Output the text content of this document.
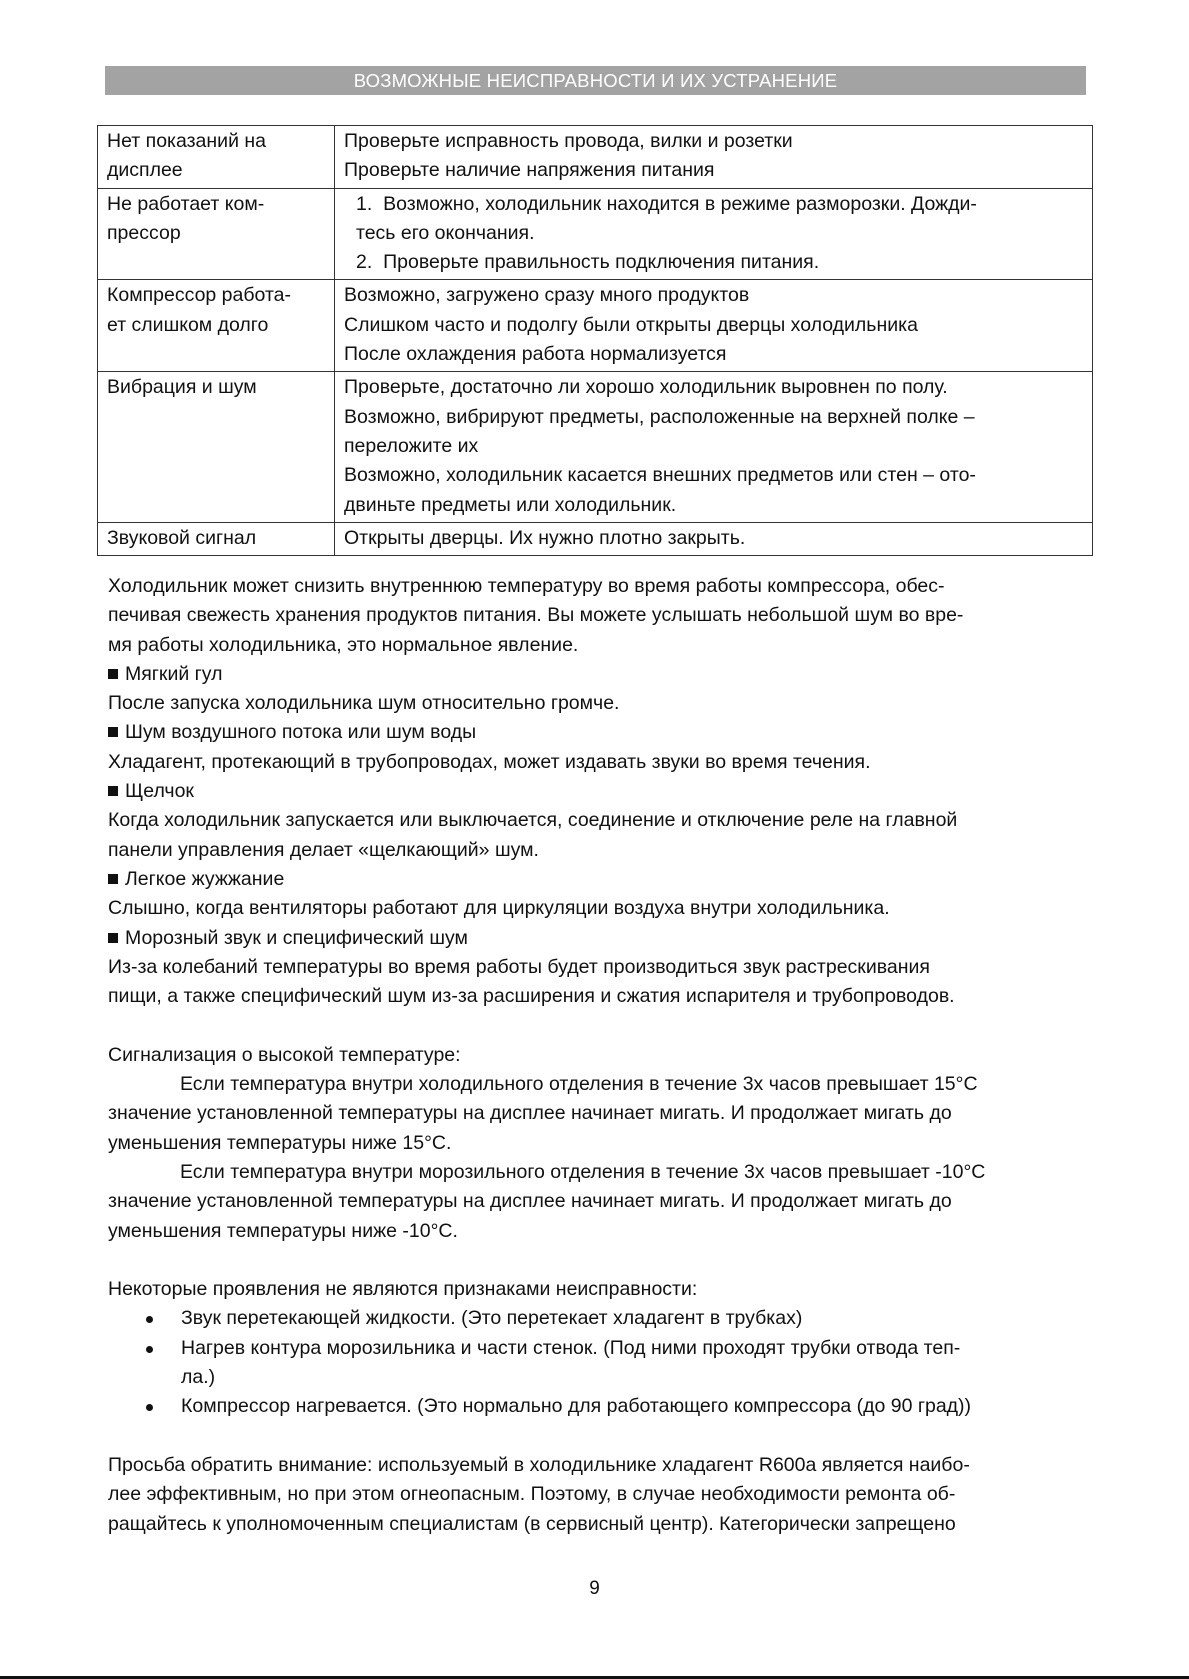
ВОЗМОЖНЫЕ НЕИСПРАВНОСТИ И ИХ УСТРАНЕНИЕ
Нет показаний на
дисплее	Проверьте исправность провода, вилки и розетки
Проверьте наличие напряжения питания

Не работает ком-
прессор	1. Возможно, холодильник находится в режиме разморозки. Дожди-
тесь его окончания.
2. Проверьте правильность подключения питания.

Компрессор работа-
ет слишком долго	Возможно, загружено сразу много продуктов
Слишком часто и подолгу были открыты дверцы холодильника
После охлаждения работа нормализуется

Вибрация и шум	Проверьте, достаточно ли хорошо холодильник выровнен по полу.
Возможно, вибрируют предметы, расположенные на верхней полке –
переложите их
Возможно, холодильник касается внешних предметов или стен – ото-
двиньте предметы или холодильник.

Звуковой сигнал	Открыты дверцы. Их нужно плотно закрыть.

Холодильник может снизить внутреннюю температуру во время работы компрессора, обес-

печивая свежесть хранения продуктов питания. Вы можете услышать небольшой шум во вре-

мя работы холодильника, это нормальное явление.

Мягкий гул

После запуска холодильника шум относительно громче.

Шум воздушного потока или шум воды

Хладагент, протекающий в трубопроводах, может издавать звуки во время течения.

Щелчок

Когда холодильник запускается или выключается, соединение и отключение реле на главной

панели управления делает «щелкающий» шум.

Легкое жужжание

Слышно, когда вентиляторы работают для циркуляции воздуха внутри холодильника.

Морозный звук и специфический шум

Из-за колебаний температуры во время работы будет производиться звук растрескивания

пищи, а также специфический шум из-за расширения и сжатия испарителя и трубопроводов.

Сигнализация о высокой температуре:

Если температура внутри холодильного отделения в течение 3х часов превышает 15°С

значение установленной температуры на дисплее начинает мигать. И продолжает мигать до

уменьшения температуры ниже 15°С.

Если температура внутри морозильного отделения в течение 3х часов превышает -10°С

значение установленной температуры на дисплее начинает мигать. И продолжает мигать до

уменьшения температуры ниже -10°С.

Некоторые проявления не являются признаками неисправности:

Звук перетекающей жидкости. (Это перетекает хладагент в трубках)
Нагрев контура морозильника и части стенок. (Под ними проходят трубки отвода теп-
ла.)
Компрессор нагревается. (Это нормально для работающего компрессора (до 90 град))

Просьба обратить внимание: используемый в холодильнике хладагент R600a является наибо-

лее эффективным, но при этом огнеопасным. Поэтому, в случае необходимости ремонта об-

ращайтесь к уполномоченным специалистам (в сервисный центр). Категорически запрещено

9
